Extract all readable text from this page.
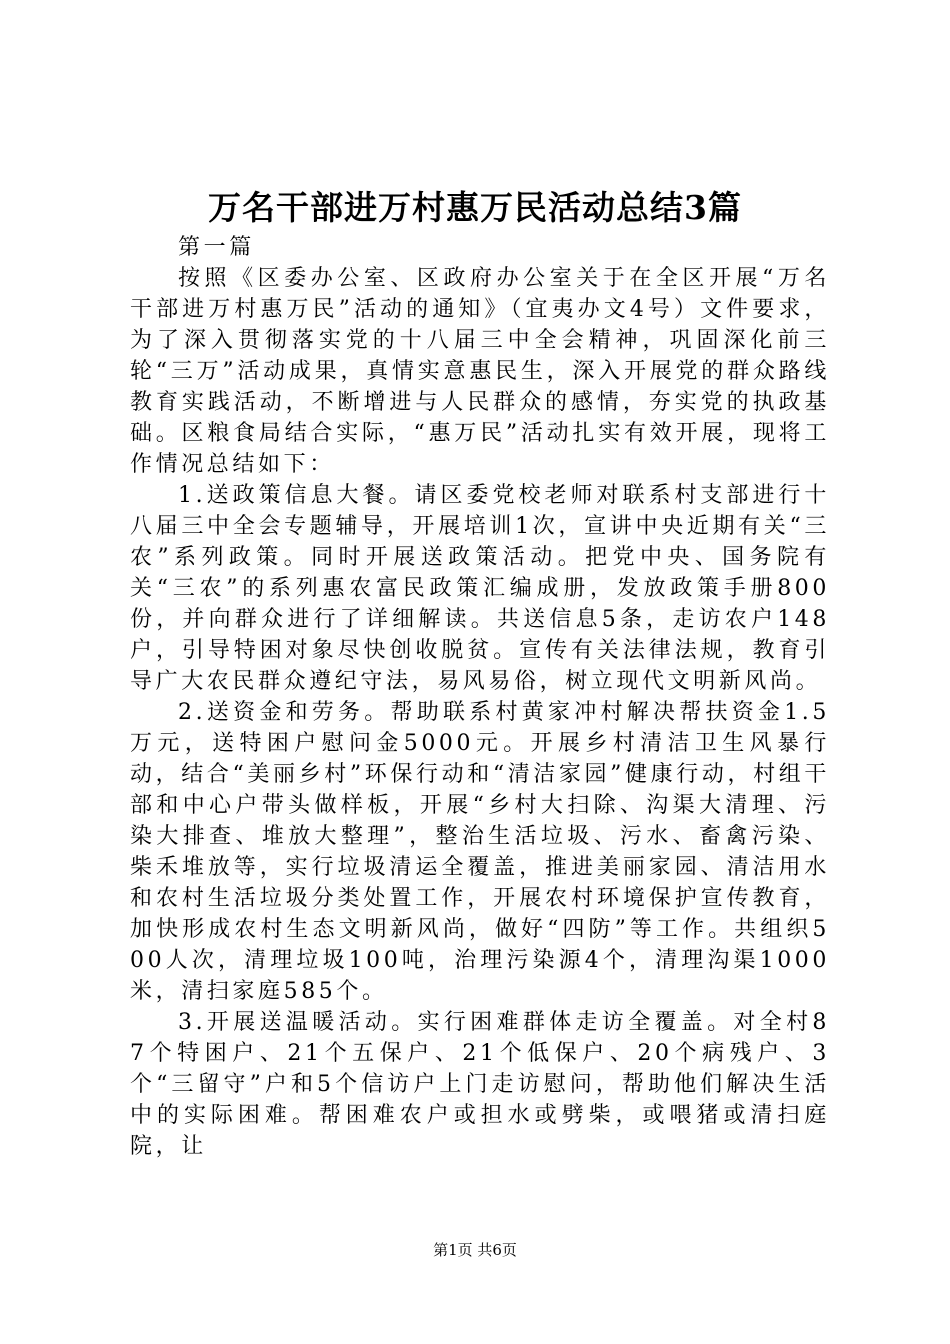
万名干部进万村惠万民活动总结3篇

第一篇

按照《区委办公室、区政府办公室关于在全区开展“万名干部进万村惠万民”活动的通知》（宜夷办文4号）文件要求，为了深入贯彻落实党的十八届三中全会精神，巩固深化前三轮“三万”活动成果，真情实意惠民生，深入开展党的群众路线教育实践活动，不断增进与人民群众的感情，夯实党的执政基础。区粮食局结合实际，“惠万民”活动扎实有效开展，现将工作情况总结如下：

1.送政策信息大餐。请区委党校老师对联系村支部进行十八届三中全会专题辅导，开展培训1次，宣讲中央近期有关“三农”系列政策。同时开展送政策活动。把党中央、国务院有关“三农”的系列惠农富民政策汇编成册，发放政策手册800份，并向群众进行了详细解读。共送信息5条，走访农户148户，引导特困对象尽快创收脱贫。宣传有关法律法规，教育引导广大农民群众遵纪守法，易风易俗，树立现代文明新风尚。

2.送资金和劳务。帮助联系村黄家冲村解决帮扶资金1.5万元，送特困户慰问金5000元。开展乡村清洁卫生风暴行动，结合“美丽乡村”环保行动和“清洁家园”健康行动，村组干部和中心户带头做样板，开展“乡村大扫除、沟渠大清理、污染大排查、堆放大整理”，整治生活垃圾、污水、畜禽污染、柴禾堆放等，实行垃圾清运全覆盖，推进美丽家园、清洁用水和农村生活垃圾分类处置工作，开展农村环境保护宣传教育，加快形成农村生态文明新风尚，做好“四防”等工作。共组织500人次，清理垃圾100吨，治理污染源4个，清理沟渠1000米，清扫家庭585个。

3.开展送温暖活动。实行困难群体走访全覆盖。对全村87个特困户、21个五保户、21个低保户、20个病残户、3个“三留守”户和5个信访户上门走访慰问，帮助他们解决生活中的实际困难。帮困难农户或担水或劈柴，或喂猪或清扫庭院，让

第1页 共6页
